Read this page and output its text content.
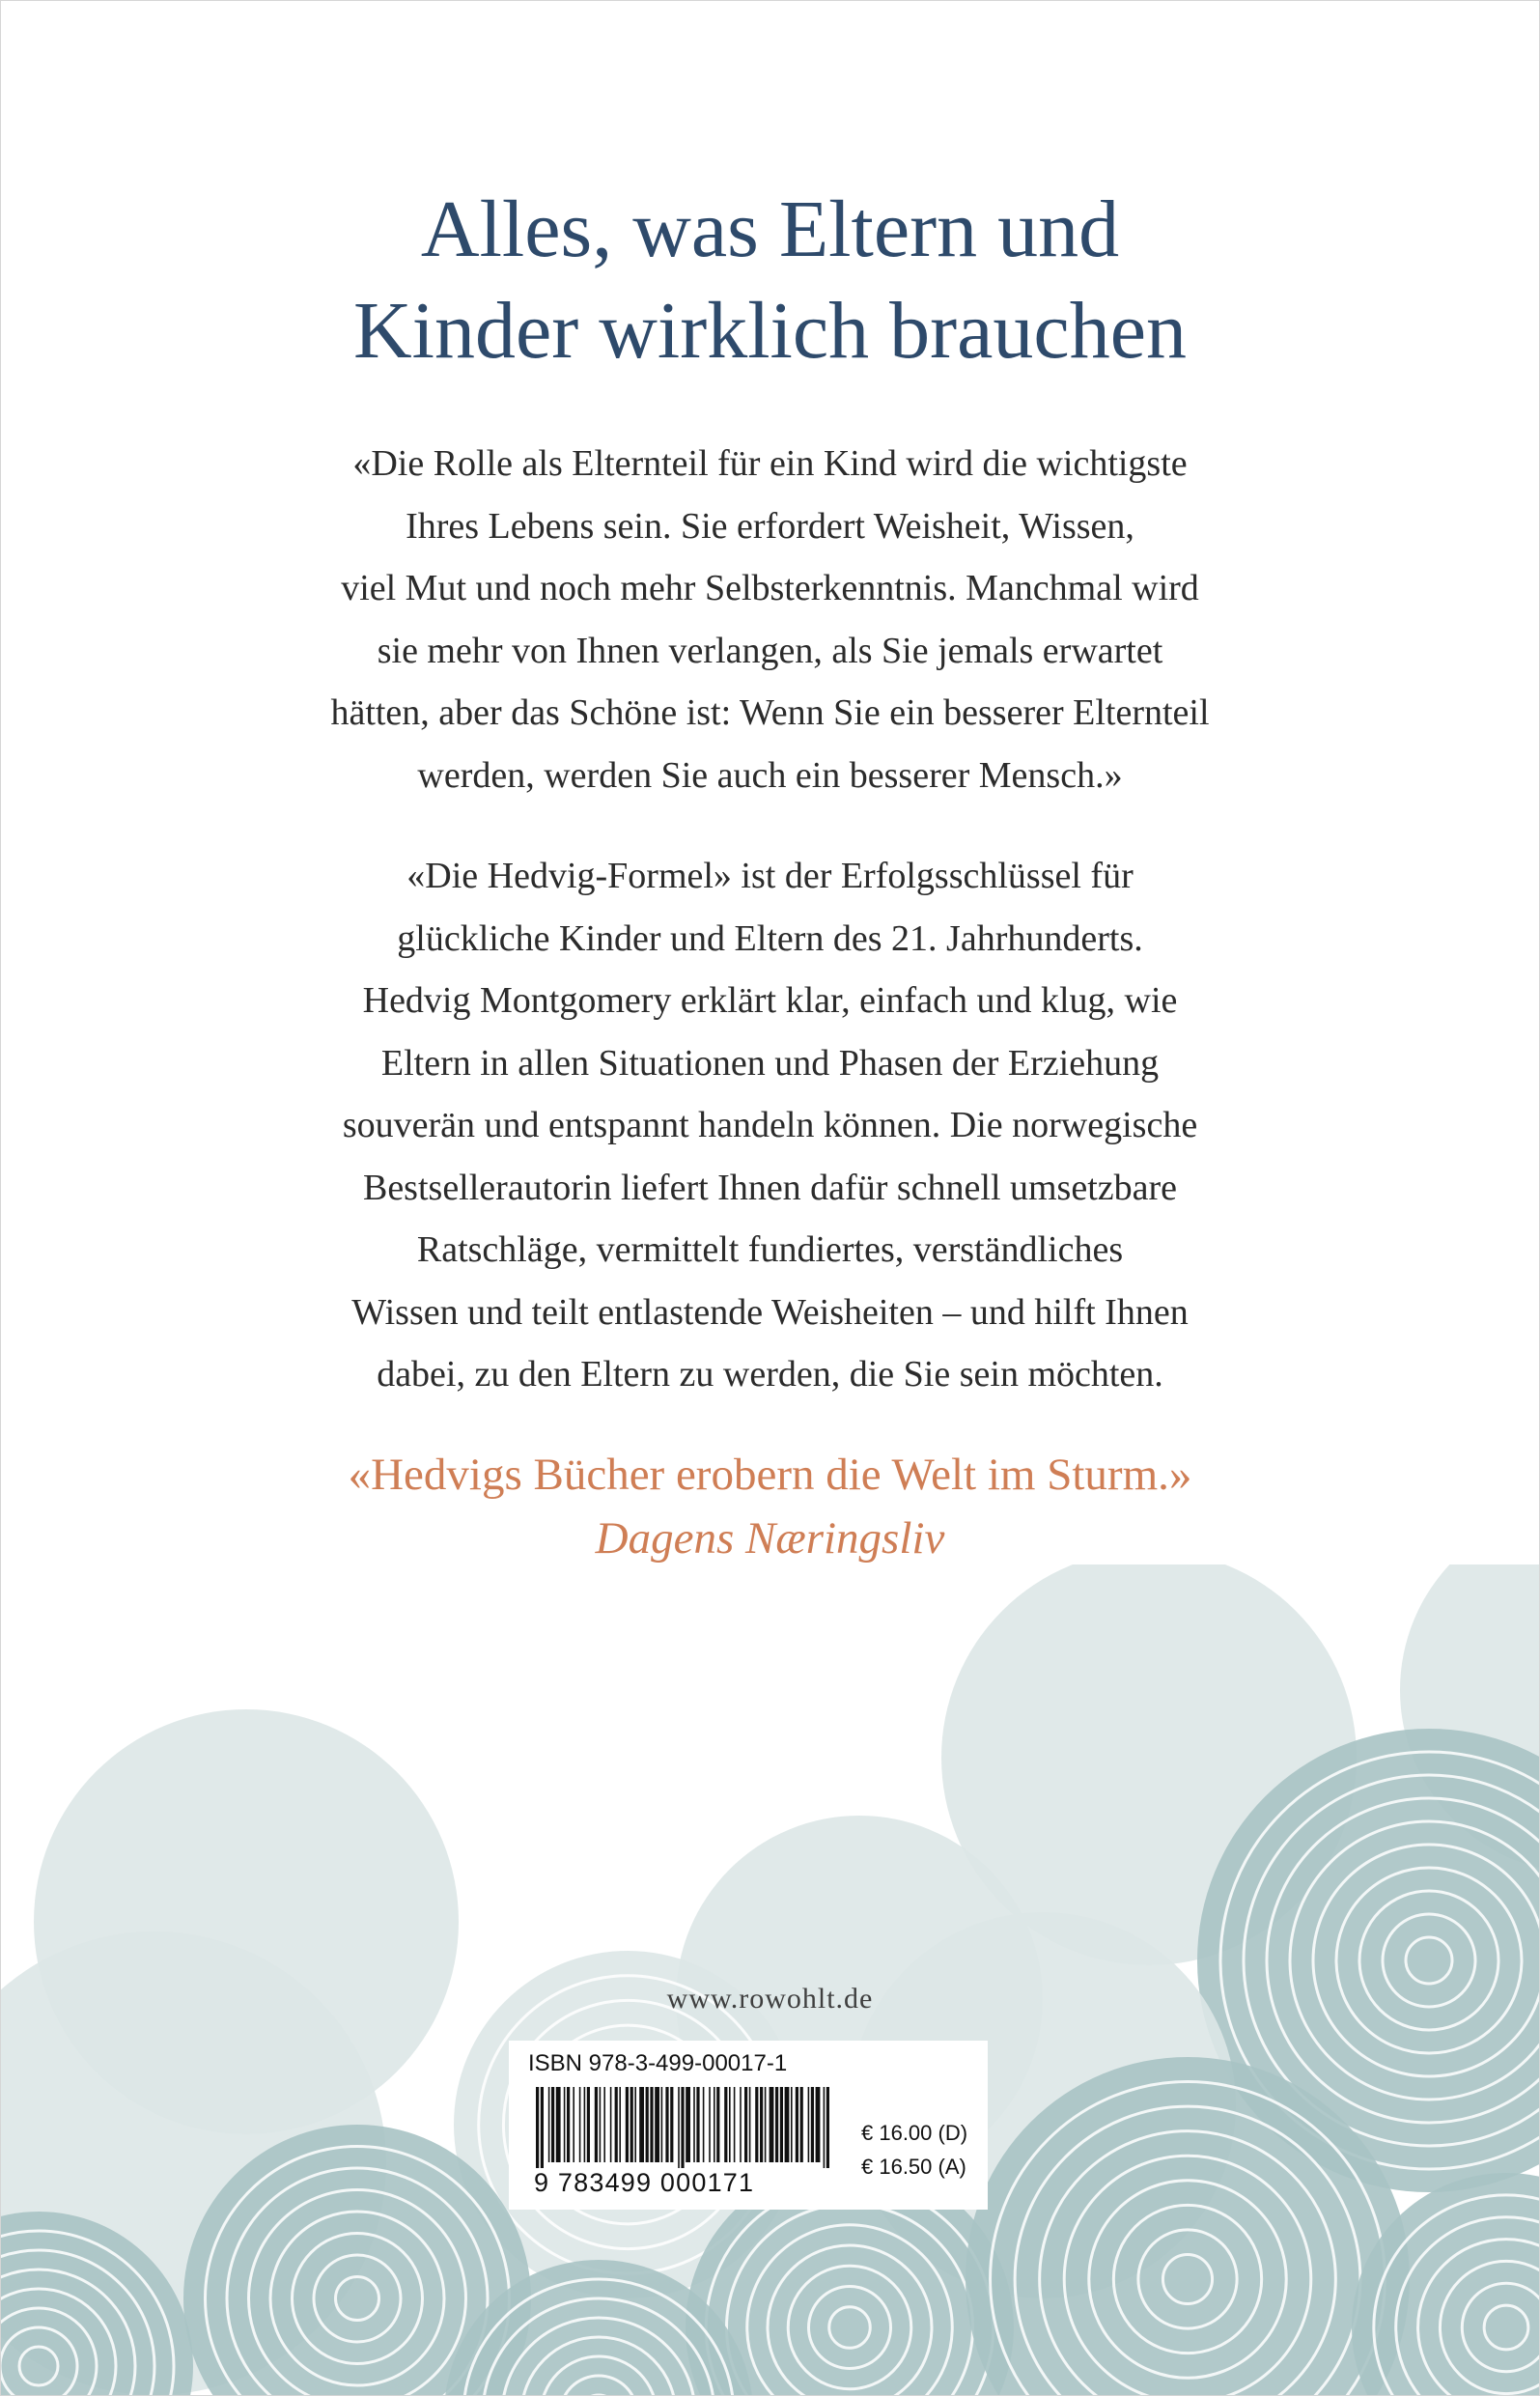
Alles, was Eltern und
Kinder wirklich brauchen

«Die Rolle als Elternteil für ein Kind wird die wichtigste
Ihres Lebens sein. Sie erfordert Weisheit, Wissen,
viel Mut und noch mehr Selbsterkenntnis. Manchmal wird
sie mehr von Ihnen verlangen, als Sie jemals erwartet
hätten, aber das Schöne ist: Wenn Sie ein besserer Elternteil
werden, werden Sie auch ein besserer Mensch.»

«Die Hedvig-Formel» ist der Erfolgsschlüssel für
glückliche Kinder und Eltern des 21. Jahrhunderts.
Hedvig Montgomery erklärt klar, einfach und klug, wie
Eltern in allen Situationen und Phasen der Erziehung
souverän und entspannt handeln können. Die norwegische
Bestsellerautorin liefert Ihnen dafür schnell umsetzbare
Ratschläge, vermittelt fundiertes, verständliches
Wissen und teilt entlastende Weisheiten – und hilft Ihnen
dabei, zu den Eltern zu werden, die Sie sein möchten.

«Hedvigs Bücher erobern die Welt im Sturm.»
Dagens Næringsliv
www.rowohlt.de
ISBN 978-3-499-00017-1
9 783499 000171
€ 16.00 (D)
€ 16.50 (A)
